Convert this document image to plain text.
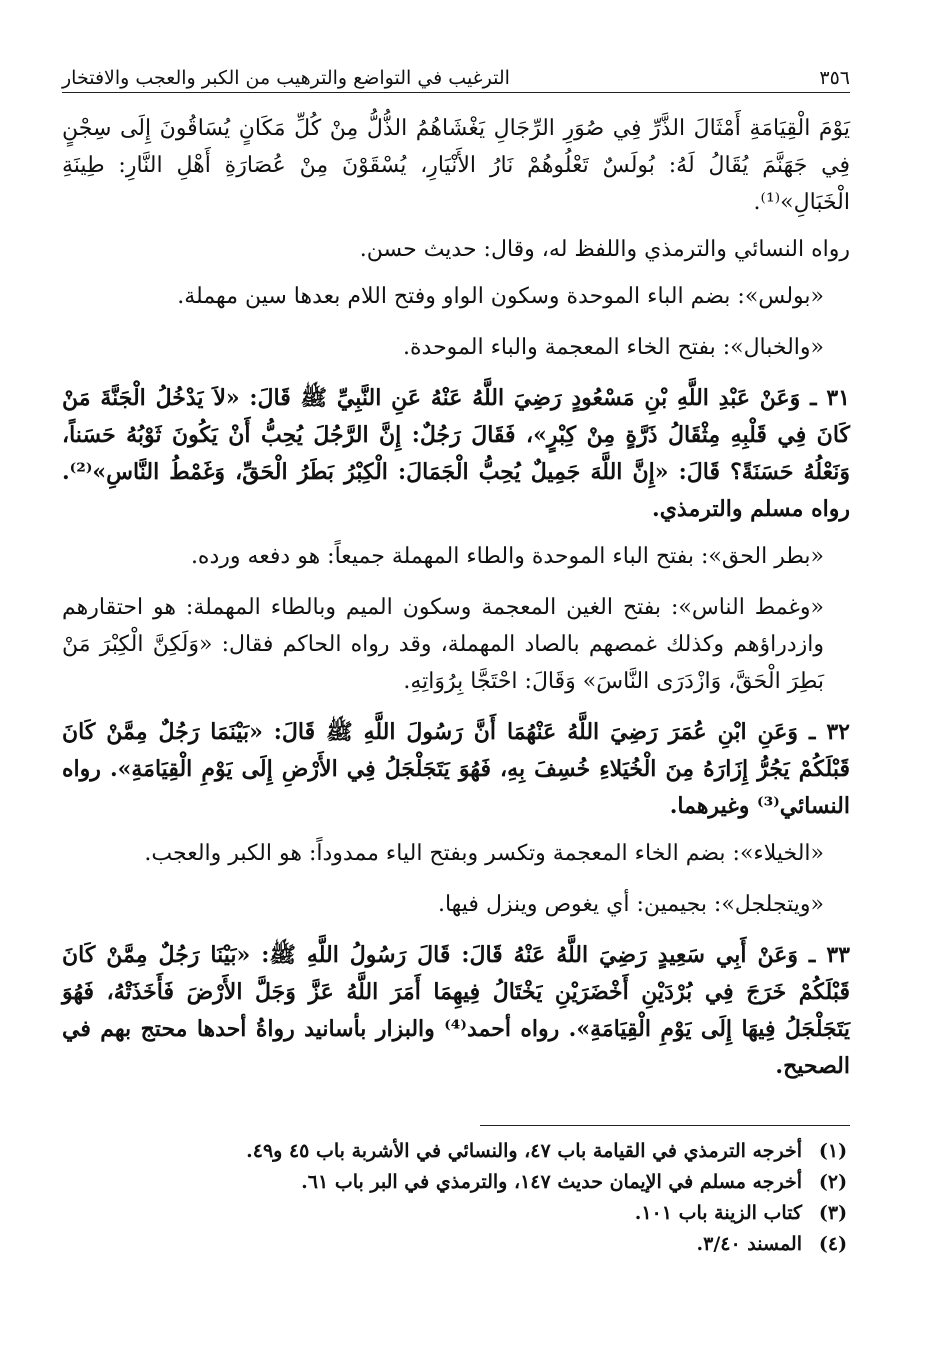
٣٥٦
الترغيب في التواضع والترهيب من الكبر والعجب والافتخار

يَوْمَ الْقِيَامَةِ أَمْثَالَ الذَّرِّ فِي صُوَرِ الرِّجَالِ يَغْشَاهُمُ الذُّلُّ مِنْ كُلِّ مَكَانٍ يُسَاقُونَ إِلَى سِجْنٍ فِي جَهَنَّمَ يُقَالُ لَهُ: بُولَسٌ تَعْلُوهُمْ نَارُ الأَنْيَارِ، يُسْقَوْنَ مِنْ عُصَارَةِ أَهْلِ النَّارِ: طِينَةِ الْخَبَالِ»⁽¹⁾.

رواه النسائي والترمذي واللفظ له، وقال: حديث حسن.

«بولس»: بضم الباء الموحدة وسكون الواو وفتح اللام بعدها سين مهملة.

«والخبال»: بفتح الخاء المعجمة والباء الموحدة.

٣١ ـ وَعَنْ عَبْدِ اللَّهِ بْنِ مَسْعُودٍ رَضِيَ اللَّهُ عَنْهُ عَنِ النَّبِيِّ ﷺ قَالَ: «لاَ يَدْخُلُ الْجَنَّةَ مَنْ كَانَ فِي قَلْبِهِ مِثْقَالُ ذَرَّةٍ مِنْ كِبْرٍ»، فَقَالَ رَجُلٌ: إِنَّ الرَّجُلَ يُحِبُّ أَنْ يَكُونَ ثَوْبُهُ حَسَناً، وَنَعْلُهُ حَسَنَةً؟ قَالَ: «إِنَّ اللَّهَ جَمِيلٌ يُحِبُّ الْجَمَالَ: الْكِبْرُ بَطَرُ الْحَقِّ، وَغَمْطُ النَّاسِ»⁽²⁾. رواه مسلم والترمذي.

«بطر الحق»: بفتح الباء الموحدة والطاء المهملة جميعاً: هو دفعه ورده.

«وغمط الناس»: بفتح الغين المعجمة وسكون الميم وبالطاء المهملة: هو احتقارهم وازدراؤهم وكذلك غمصهم بالصاد المهملة، وقد رواه الحاكم فقال: «وَلَكِنَّ الْكِبْرَ مَنْ بَطِرَ الْحَقَّ، وَازْدَرَى النَّاسَ» وَقَالَ: احْتَجَّا بِرُوَاتِهِ.

٣٢ ـ وَعَنِ ابْنِ عُمَرَ رَضِيَ اللَّهُ عَنْهُمَا أَنَّ رَسُولَ اللَّهِ ﷺ قَالَ: «بَيْنَمَا رَجُلٌ مِمَّنْ كَانَ قَبْلَكُمْ يَجُرُّ إِزَارَهُ مِنَ الْخُيَلاءِ خُسِفَ بِهِ، فَهُوَ يَتَجَلْجَلُ فِي الأَرْضِ إِلَى يَوْمِ الْقِيَامَةِ». رواه النسائي⁽³⁾ وغيرهما.

«الخيلاء»: بضم الخاء المعجمة وتكسر وبفتح الياء ممدوداً: هو الكبر والعجب.

«ويتجلجل»: بجيمين: أي يغوص وينزل فيها.

٣٣ ـ وَعَنْ أَبِي سَعِيدٍ رَضِيَ اللَّهُ عَنْهُ قَالَ: قَالَ رَسُولُ اللَّهِ ﷺ: «بَيْنَا رَجُلٌ مِمَّنْ كَانَ قَبْلَكُمْ خَرَجَ فِي بُرْدَيْنِ أَخْضَرَيْنِ يَخْتَالُ فِيهِمَا أَمَرَ اللَّهُ عَزَّ وَجَلَّ الأَرْضَ فَأَخَذَتْهُ، فَهُوَ يَتَجَلْجَلُ فِيهَا إِلَى يَوْمِ الْقِيَامَةِ». رواه أحمد⁽⁴⁾ والبزار بأسانيد رواةُ أحدها محتج بهم في الصحيح.

(١)
أخرجه الترمذي في القيامة باب ٤٧، والنسائي في الأشربة باب ٤٥ و٤٩.
(٢)
أخرجه مسلم في الإيمان حديث ١٤٧، والترمذي في البر باب ٦١.
(٣)
كتاب الزينة باب ١٠١.
(٤)
المسند ٣/٤٠.
